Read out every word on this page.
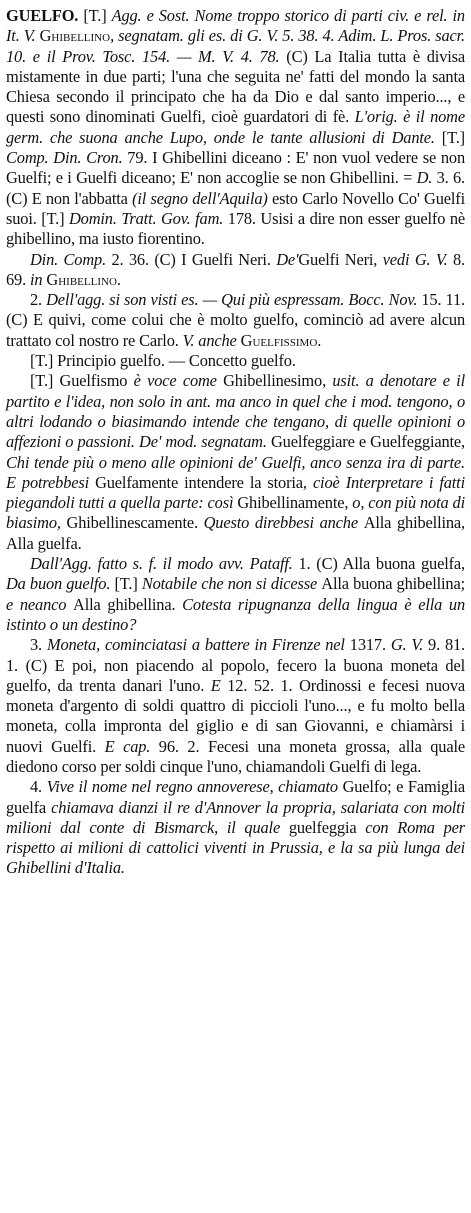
GUELFO. [T.] Agg. e Sost. Nome troppo storico di parti civ. e rel. in It. V. Ghibellino, segnatam. gli es. di G. V. 5. 38. 4. Adim. L. Pros. sacr. 10. e il Prov. Tosc. 154. — M. V. 4. 78. (C) La Italia tutta è divisa mistamente in due parti; l'una che seguita ne' fatti del mondo la santa Chiesa secondo il principato che ha da Dio e dal santo imperio..., e questi sono dinominati Guelfi, cioè guardatori di fè. L'orig. è il nome germ. che suona anche Lupo, onde le tante allusioni di Dante. [T.] Comp. Din. Cron. 79. I Ghibellini diceano : E' non vuol vedere se non Guelfi; e i Guelfi diceano; E' non accoglie se non Ghibellini. = D. 3. 6. (C) E non l'abbatta (il segno dell'Aquila) esto Carlo Novello Co' Guelfi suoi. [T.] Domin. Tratt. Gov. fam. 178. Usisi a dire non esser guelfo nè ghibellino, ma iusto fiorentino.

Din. Comp. 2. 36. (C) I Guelfi Neri. De'Guelfi Neri, vedi G. V. 8. 69. in Ghibellino.

2. Dell'agg. si son visti es. — Qui più espressam. Bocc. Nov. 15. 11. (C) E quivi, come colui che è molto guelfo, cominciò ad avere alcun trattato col nostro re Carlo. V. anche Guelfissimo.

[T.] Principio guelfo. — Concetto guelfo.

[T.] Guelfismo è voce come Ghibellinesimo, usit. a denotare e il partito e l'idea, non solo in ant. ma anco in quel che i mod. tengono, o altri lodando o biasimando intende che tengano, di quelle opinioni o affezioni o passioni. De' mod. segnatam. Guelfeggiare e Guelfeggiante, Chi tende più o meno alle opinioni de' Guelfi, anco senza ira di parte. E potrebbesi Guelfamente intendere la storia, cioè Interpretare i fatti piegandoli tutti a quella parte: così Ghibellinamente, o, con più nota di biasimo, Ghibellinescamente. Questo direbbesi anche Alla ghibellina, Alla guelfa.

Dall'Agg. fatto s. f. il modo avv. Pataff. 1. (C) Alla buona guelfa, Da buon guelfo. [T.] Notabile che non si dicesse Alla buona ghibellina; e neanco Alla ghibellina. Cotesta ripugnanza della lingua è ella un istinto o un destino?

3. Moneta, cominciatasi a battere in Firenze nel 1317. G. V. 9. 81. 1. (C) E poi, non piacendo al popolo, fecero la buona moneta del guelfo, da trenta danari l'uno. E 12. 52. 1. Ordinossi e fecesi nuova moneta d'argento di soldi quattro di piccioli l'uno..., e fu molto bella moneta, colla impronta del giglio e di san Giovanni, e chiamàrsi i nuovi Guelfi. E cap. 96. 2. Fecesi una moneta grossa, alla quale diedono corso per soldi cinque l'uno, chiamandoli Guelfi di lega.

4. Vive il nome nel regno annoverese, chiamato Guelfo; e Famiglia guelfa chiamava dianzi il re d'Annover la propria, salariata con molti milioni dal conte di Bismarck, il quale guelfeggia con Roma per rispetto ai milioni di cattolici viventi in Prussia, e la sa più lunga dei Ghibellini d'Italia.
